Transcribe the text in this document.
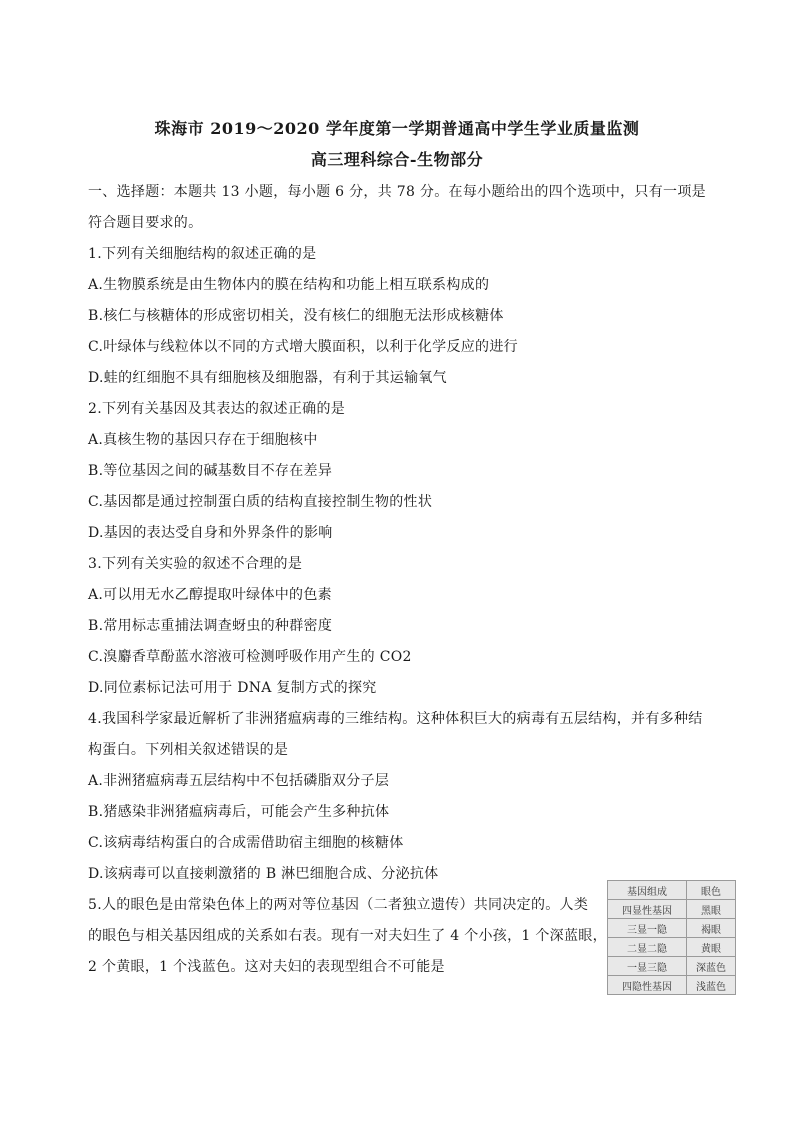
珠海市 2019～2020 学年度第一学期普通高中学生学业质量监测
高三理科综合-生物部分
一、选择题：本题共 13 小题，每小题 6 分，共 78 分。在每小题给出的四个选项中，只有一项是
符合题目要求的。
1.下列有关细胞结构的叙述正确的是
A.生物膜系统是由生物体内的膜在结构和功能上相互联系构成的
B.核仁与核糖体的形成密切相关，没有核仁的细胞无法形成核糖体
C.叶绿体与线粒体以不同的方式增大膜面积，以利于化学反应的进行
D.蛙的红细胞不具有细胞核及细胞器，有利于其运输氧气
2.下列有关基因及其表达的叙述正确的是
A.真核生物的基因只存在于细胞核中
B.等位基因之间的碱基数目不存在差异
C.基因都是通过控制蛋白质的结构直接控制生物的性状
D.基因的表达受自身和外界条件的影响
3.下列有关实验的叙述不合理的是
A.可以用无水乙醇提取叶绿体中的色素
B.常用标志重捕法调查蚜虫的种群密度
C.溴麝香草酚蓝水溶液可检测呼吸作用产生的 CO2
D.同位素标记法可用于 DNA 复制方式的探究
4.我国科学家最近解析了非洲猪瘟病毒的三维结构。这种体积巨大的病毒有五层结构，并有多种结
构蛋白。下列相关叙述错误的是
A.非洲猪瘟病毒五层结构中不包括磷脂双分子层
B.猪感染非洲猪瘟病毒后，可能会产生多种抗体
C.该病毒结构蛋白的合成需借助宿主细胞的核糖体
D.该病毒可以直接刺激猪的 B 淋巴细胞合成、分泌抗体
5.人的眼色是由常染色体上的两对等位基因（二者独立遗传）共同决定的。人类
的眼色与相关基因组成的关系如右表。现有一对夫妇生了 4 个小孩，1 个深蓝眼，
2 个黄眼，1 个浅蓝色。这对夫妇的表现型组合不可能是
基因组成	眼色
四显性基因	黑眼
三显一隐	褐眼
二显二隐	黄眼
一显三隐	深蓝色
四隐性基因	浅蓝色
